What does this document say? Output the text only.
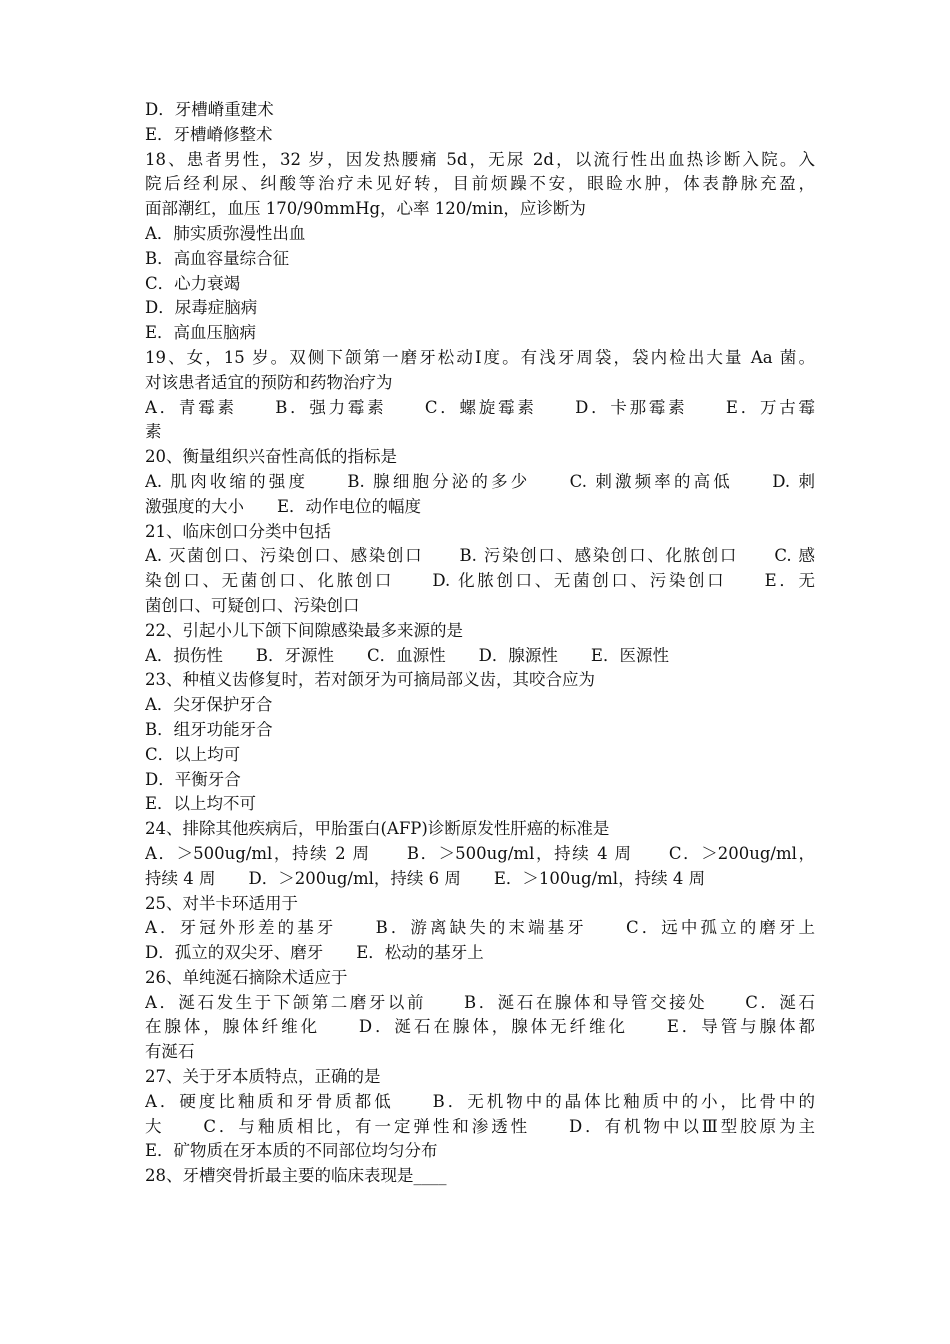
D．牙槽嵴重建术
E．牙槽嵴修整术
18、患者男性，32 岁，因发热腰痛 5d，无尿 2d，以流行性出血热诊断入院。入
院后经利尿、纠酸等治疗未见好转，目前烦躁不安，眼睑水肿，体表静脉充盈，
面部潮红，血压 170/90mmHg，心率 120/min，应诊断为
A．肺实质弥漫性出血
B．高血容量综合征
C．心力衰竭
D．尿毒症脑病
E．高血压脑病
19、女，15 岁。双侧下颌第一磨牙松动Ⅰ度。有浅牙周袋，袋内检出大量 Aa 菌。
对该患者适宜的预防和药物治疗为
A．青霉素　　B．强力霉素　　C．螺旋霉素　　D．卡那霉素　　E．万古霉
素
20、衡量组织兴奋性高低的指标是
A. 肌肉收缩的强度　　B. 腺细胞分泌的多少　　C. 刺激频率的高低　　D. 刺
激强度的大小　　E．动作电位的幅度
21、临床创口分类中包括
A. 灭菌创口、污染创口、感染创口　　B. 污染创口、感染创口、化脓创口　　C. 感
染创口、无菌创口、化脓创口　　D. 化脓创口、无菌创口、污染创口　　E．无
菌创口、可疑创口、污染创口
22、引起小儿下颌下间隙感染最多来源的是
A．损伤性　　B．牙源性　　C．血源性　　D．腺源性　　E．医源性
23、种植义齿修复时，若对颌牙为可摘局部义齿，其咬合应为
A．尖牙保护牙合
B．组牙功能牙合
C．以上均可
D．平衡牙合
E．以上均不可
24、排除其他疾病后，甲胎蛋白(AFP)诊断原发性肝癌的标准是
A．＞500ug/ml，持续 2 周　　B．＞500ug/ml，持续 4 周　　C．＞200ug/ml，
持续 4 周　　D．＞200ug/ml，持续 6 周　　E．＞100ug/ml，持续 4 周
25、对半卡环适用于
A．牙冠外形差的基牙　　B．游离缺失的末端基牙　　C．远中孤立的磨牙上
D．孤立的双尖牙、磨牙　　E．松动的基牙上
26、单纯涎石摘除术适应于
A．涎石发生于下颌第二磨牙以前　　B．涎石在腺体和导管交接处　　C．涎石
在腺体，腺体纤维化　　D．涎石在腺体，腺体无纤维化　　E．导管与腺体都
有涎石
27、关于牙本质特点，正确的是
A．硬度比釉质和牙骨质都低　　B．无机物中的晶体比釉质中的小，比骨中的
大　　C．与釉质相比，有一定弹性和渗透性　　D．有机物中以Ⅲ型胶原为主
E．矿物质在牙本质的不同部位均匀分布
28、牙槽突骨折最主要的临床表现是____
